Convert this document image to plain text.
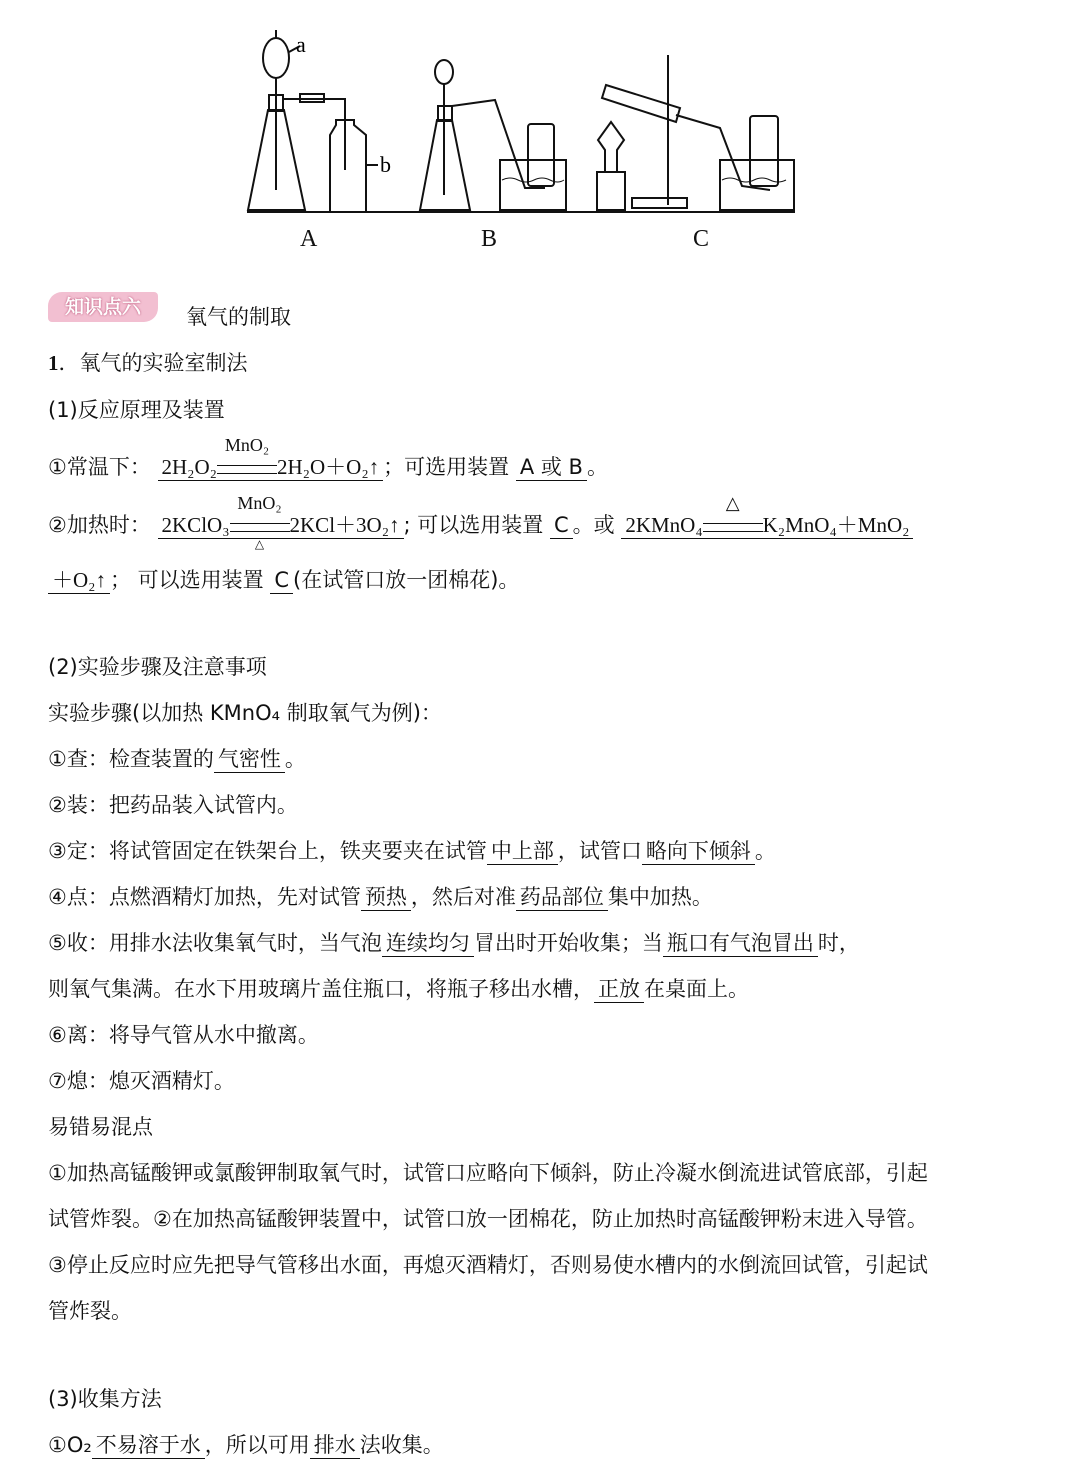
a
b
A	B	C
知识点六	氧气的制取
1．氧气的实验室制法
(1)反应原理及装置
①常温下： 2H₂O₂
MnO₂
2H₂O＋O₂↑ ；可选用装置 A 或 B 。
②加热时： 2KClO₃
MnO₂
△
2KCl＋3O₂↑ ; 可以选用装置 C 。或 2KMnO₄
△
K₂MnO₄＋MnO₂
＋O₂↑ ； 可以选用装置 C (在试管口放一团棉花)。
(2)实验步骤及注意事项
实验步骤(以加热 KMnO₄ 制取氧气为例)：
①查：检查装置的 气密性 。
②装：把药品装入试管内。
③定：将试管固定在铁架台上，铁夹要夹在试管 中上部 ，试管口 略向下倾斜 。
④点：点燃酒精灯加热，先对试管 预热 ，然后对准 药品部位 集中加热。
⑤收：用排水法收集氧气时，当气泡 连续均匀 冒出时开始收集；当 瓶口有气泡冒出 时，
则氧气集满。在水下用玻璃片盖住瓶口，将瓶子移出水槽， 正放 在桌面上。
⑥离：将导气管从水中撤离。
⑦熄：熄灭酒精灯。
易错易混点
①加热高锰酸钾或氯酸钾制取氧气时，试管口应略向下倾斜，防止冷凝水倒流进试管底部，引起
试管炸裂。②在加热高锰酸钾装置中，试管口放一团棉花，防止加热时高锰酸钾粉末进入导管。
③停止反应时应先把导气管移出水面，再熄灭酒精灯，否则易使水槽内的水倒流回试管，引起试
管炸裂。
(3)收集方法
①O₂ 不易溶于水 ，所以可用 排水 法收集。
